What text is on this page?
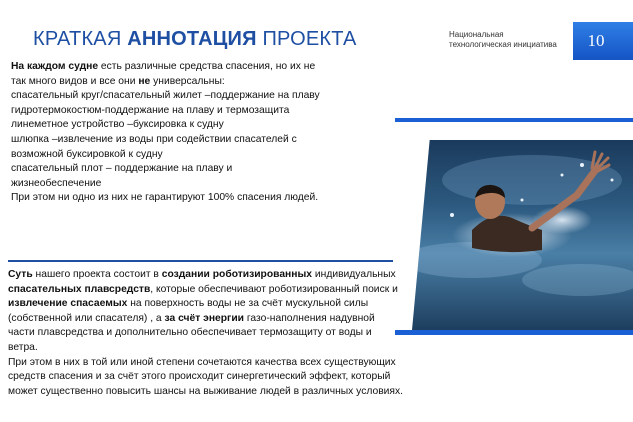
КРАТКАЯ АННОТАЦИЯ ПРОЕКТА	Национальная
технологическая инициатива	10

На каждом судне есть различные средства спасения, но их не так много видов и все они не универсальны:

спасательный круг/спасательный жилет –поддержание на плаву

гидротермокостюм-поддержание на плаву и термозащита

линеметное устройство –буксировка к судну

шлюпка –извлечение из воды при содействии спасателей с возможной буксировкой к судну

спасательный плот – поддержание на плаву и жизнеобеспечение

При этом ни одно из них не гарантируют 100% спасения людей.

Суть нашего проекта состоит в создании роботизированных индивидуальных спасательных плавсредств, которые обеспечивают роботизированный поиск и извлечение спасаемых на поверхность воды не за счёт мускульной силы (собственной или спасателя) , а за счёт энергии газо-наполнения надувной части плавсредства и дополнительно обеспечивает термозащиту от воды и ветра.

При этом в них в той или иной степени сочетаются качества всех существующих средств спасения и за счёт этого происходит синергетический эффект, который может существенно повысить шансы на выживание людей в различных условиях.
